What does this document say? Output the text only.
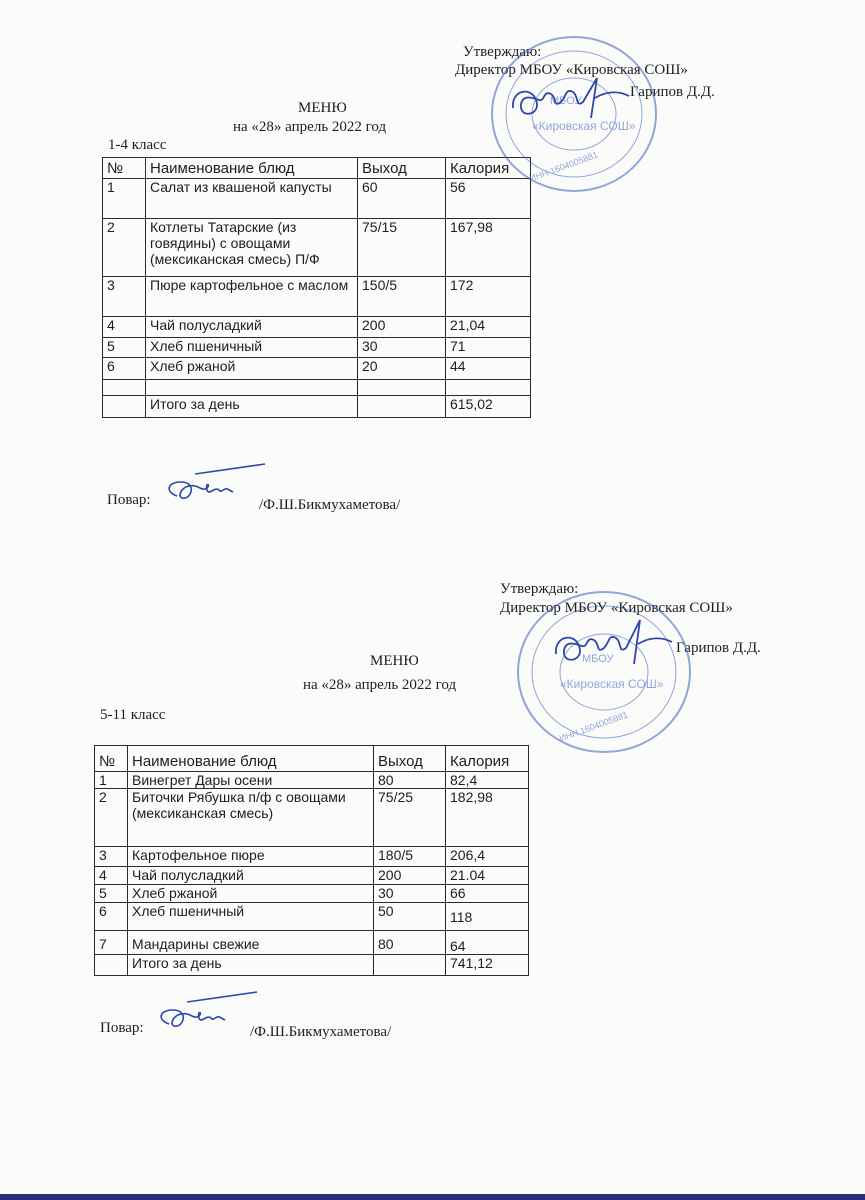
Утверждаю:
Директор МБОУ «Кировская СОШ»
Гарипов Д.Д.
МЕНЮ
на «28» апрель 2022 год
1-4 класс
№	Наименование блюд	Выход	Калория
1	Салат из квашеной капусты	60	56
2	Котлеты Татарские (из говядины) с овощами (мексиканская смесь) П/Ф	75/15	167,98
3	Пюре картофельное с маслом	150/5	172
4	Чай полусладкий	200	21,04
5	Хлеб пшеничный	30	71
6	Хлеб ржаной	20	44

	Итого за день		615,02
Повар:	/Ф.Ш.Бикмухаметова/
МБОУ
«Кировская СОШ»
ИНН 1604005881
Утверждаю:
Директор МБОУ «Кировская СОШ»
Гарипов Д.Д.
МЕНЮ
на «28» апрель 2022 год
5-11 класс
№	Наименование блюд	Выход	Калория
1	Винегрет Дары осени	80	82,4
2	Биточки Рябушка п/ф с овощами (мексиканская смесь)	75/25	182,98
3	Картофельное пюре	180/5	206,4
4	Чай полусладкий	200	21.04
5	Хлеб ржаной	30	66
6	Хлеб пшеничный	50	118
7	Мандарины свежие	80	64
	Итого за день		741,12
Повар:	/Ф.Ш.Бикмухаметова/
МБОУ
«Кировская СОШ»
ИНН 1604005881
